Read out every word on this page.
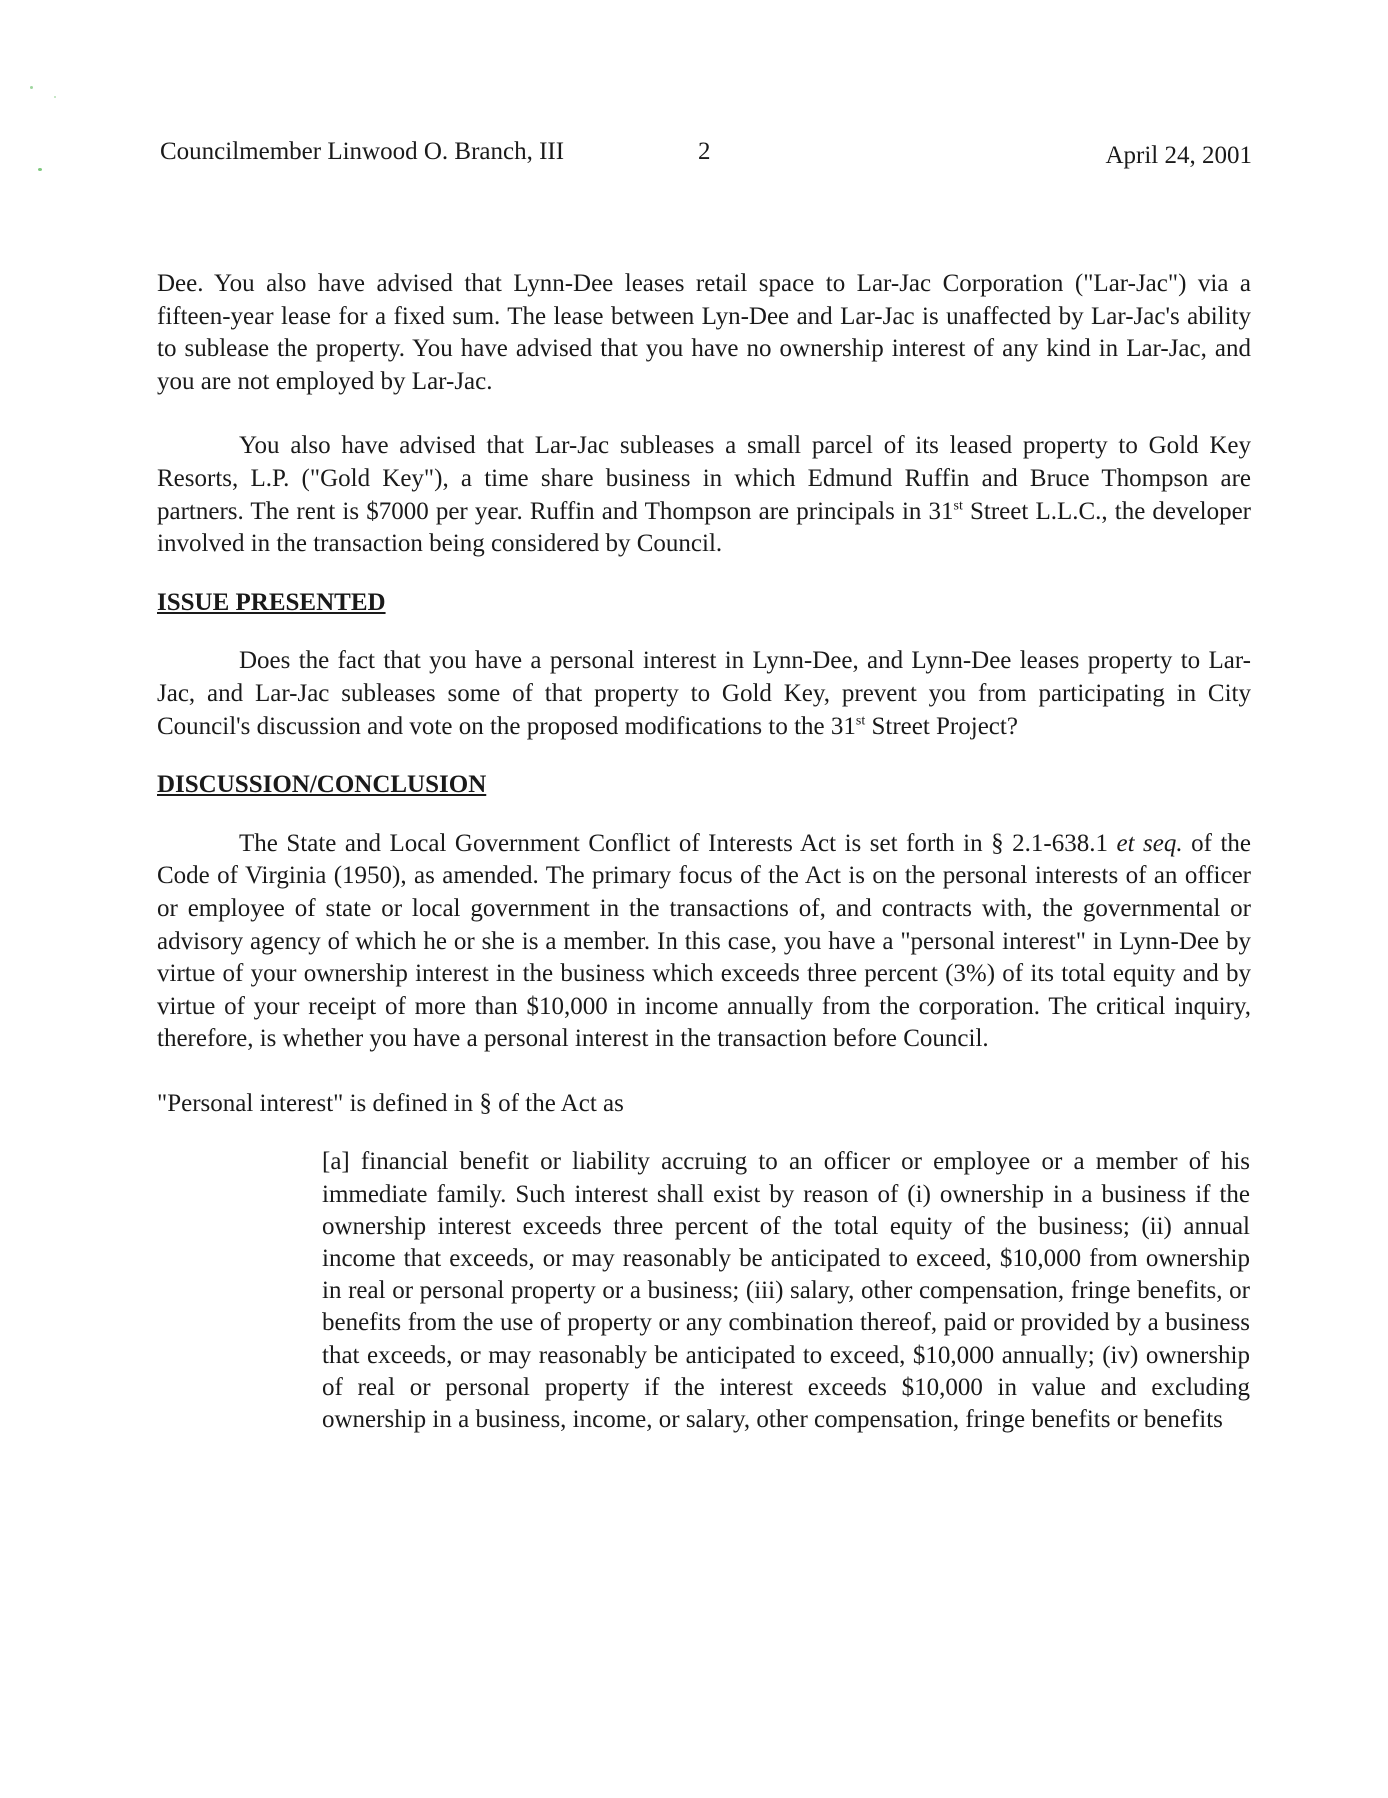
Councilmember Linwood O. Branch, III	2	April 24, 2001

Dee. You also have advised that Lynn-Dee leases retail space to Lar-Jac Corporation ("Lar-Jac") via a fifteen-year lease for a fixed sum. The lease between Lyn-Dee and Lar-Jac is unaffected by Lar-Jac's ability to sublease the property. You have advised that you have no ownership interest of any kind in Lar-Jac, and you are not employed by Lar-Jac.

You also have advised that Lar-Jac subleases a small parcel of its leased property to Gold Key Resorts, L.P. ("Gold Key"), a time share business in which Edmund Ruffin and Bruce Thompson are partners. The rent is $7000 per year. Ruffin and Thompson are principals in 31st Street L.L.C., the developer involved in the transaction being considered by Council.

ISSUE PRESENTED

Does the fact that you have a personal interest in Lynn-Dee, and Lynn-Dee leases property to Lar-Jac, and Lar-Jac subleases some of that property to Gold Key, prevent you from participating in City Council's discussion and vote on the proposed modifications to the 31st Street Project?

DISCUSSION/CONCLUSION

The State and Local Government Conflict of Interests Act is set forth in § 2.1-638.1 et seq. of the Code of Virginia (1950), as amended. The primary focus of the Act is on the personal interests of an officer or employee of state or local government in the transactions of, and contracts with, the governmental or advisory agency of which he or she is a member. In this case, you have a "personal interest" in Lynn-Dee by virtue of your ownership interest in the business which exceeds three percent (3%) of its total equity and by virtue of your receipt of more than $10,000 in income annually from the corporation. The critical inquiry, therefore, is whether you have a personal interest in the transaction before Council.

"Personal interest" is defined in § of the Act as

[a] financial benefit or liability accruing to an officer or employee or a member of his immediate family. Such interest shall exist by reason of (i) ownership in a business if the ownership interest exceeds three percent of the total equity of the business; (ii) annual income that exceeds, or may reasonably be anticipated to exceed, $10,000 from ownership in real or personal property or a business; (iii) salary, other compensation, fringe benefits, or benefits from the use of property or any combination thereof, paid or provided by a business that exceeds, or may reasonably be anticipated to exceed, $10,000 annually; (iv) ownership of real or personal property if the interest exceeds $10,000 in value and excluding ownership in a business, income, or salary, other compensation, fringe benefits or benefits
